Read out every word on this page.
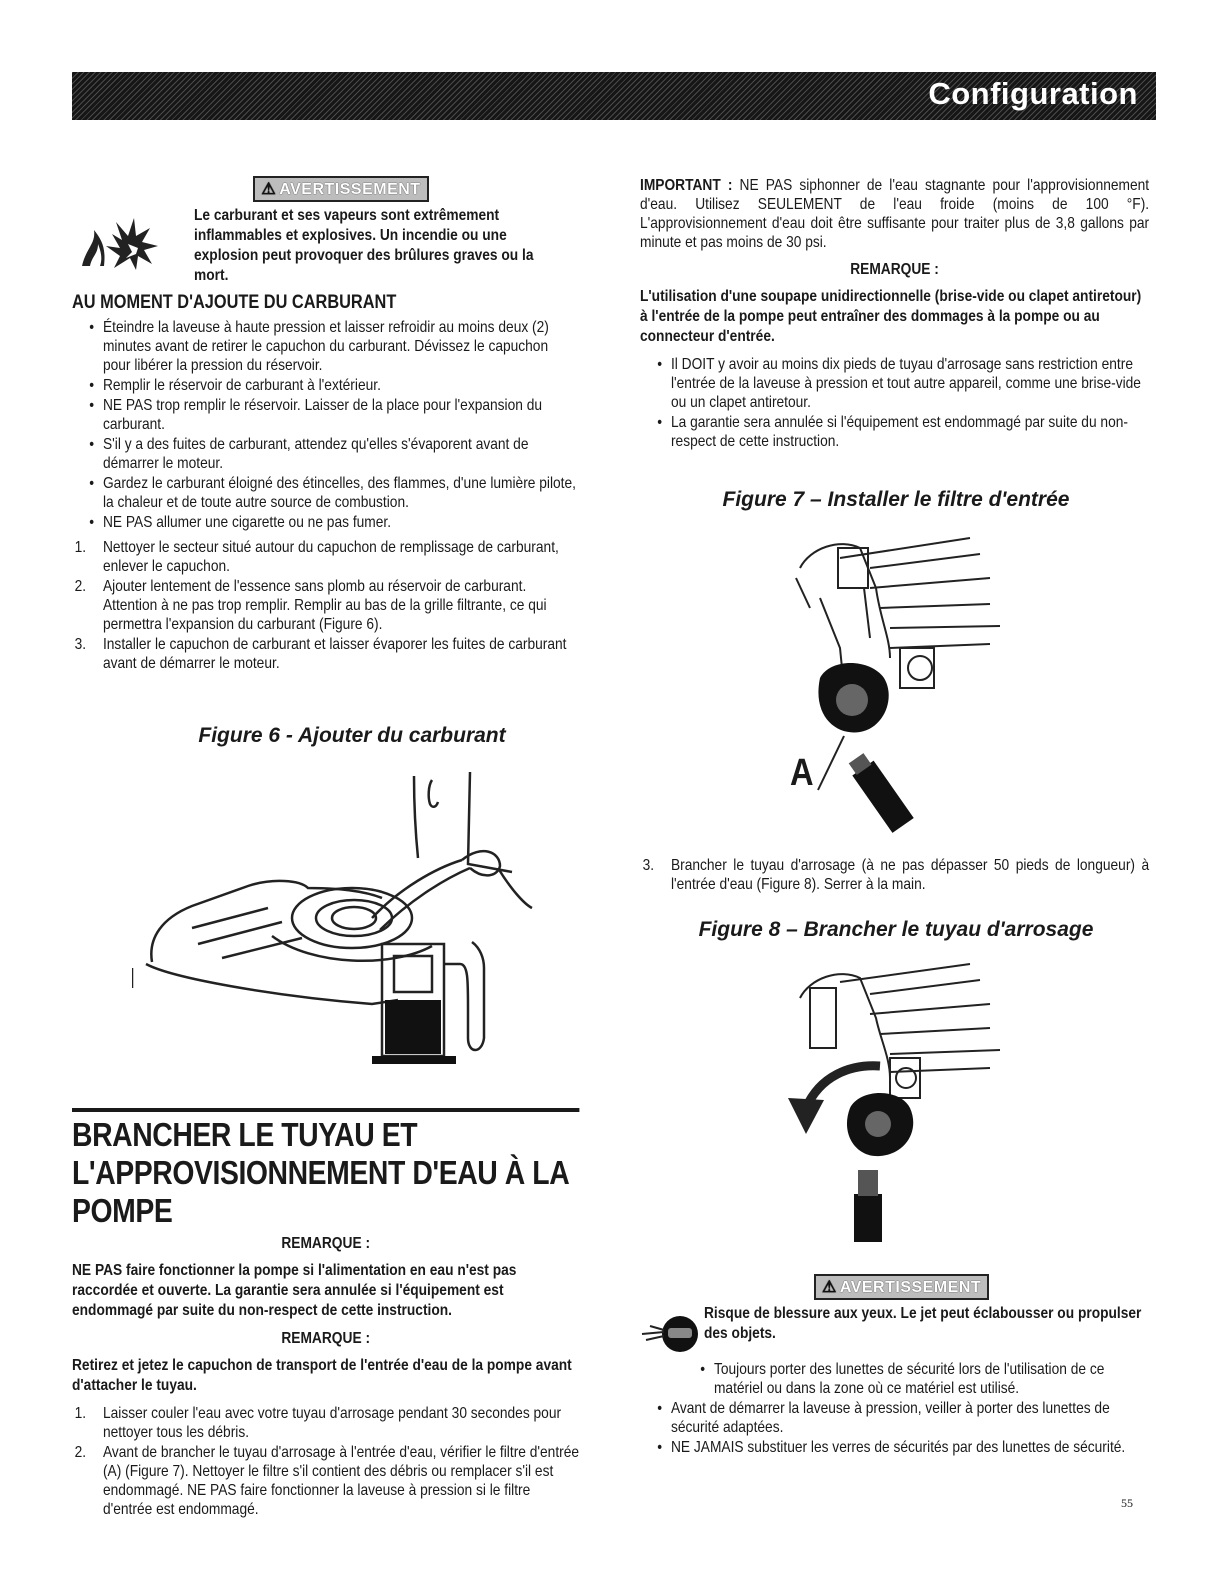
Configuration
⚠ AVERTISSEMENT
Le carburant et ses vapeurs sont extrêmement inflammables et explosives. Un incendie ou une explosion peut provoquer des brûlures graves ou la mort.
AU MOMENT D'AJOUTE DU CARBURANT
• Éteindre la laveuse à haute pression et laisser refroidir au moins deux (2) minutes avant de retirer le capuchon du carburant. Dévissez le capuchon pour libérer la pression du réservoir.
• Remplir le réservoir de carburant à l'extérieur.
• NE PAS trop remplir le réservoir. Laisser de la place pour l'expansion du carburant.
• S'il y a des fuites de carburant, attendez qu'elles s'évaporent avant de démarrer le moteur.
• Gardez le carburant éloigné des étincelles, des flammes, d'une lumière pilote, la chaleur et de toute autre source de combustion.
• NE PAS allumer une cigarette ou ne pas fumer.
1. Nettoyer le secteur situé autour du capuchon de remplissage de carburant, enlever le capuchon.
2. Ajouter lentement de l'essence sans plomb au réservoir de carburant. Attention à ne pas trop remplir. Remplir au bas de la grille filtrante, ce qui permettra l'expansion du carburant (Figure 6).
3. Installer le capuchon de carburant et laisser évaporer les fuites de carburant avant de démarrer le moteur.
Figure 6 - Ajouter du carburant
BRANCHER LE TUYAU ET L'APPROVISIONNEMENT D'EAU À LA POMPE
REMARQUE :
NE PAS faire fonctionner la pompe si l'alimentation en eau n'est pas raccordée et ouverte. La garantie sera annulée si l'équipement est endommagé par suite du non-respect de cette instruction.
REMARQUE :
Retirez et jetez le capuchon de transport de l'entrée d'eau de la pompe avant d'attacher le tuyau.
1. Laisser couler l'eau avec votre tuyau d'arrosage pendant 30 secondes pour nettoyer tous les débris.
2. Avant de brancher le tuyau d'arrosage à l'entrée d'eau, vérifier le filtre d'entrée (A) (Figure 7). Nettoyer le filtre s'il contient des débris ou remplacer s'il est endommagé. NE PAS faire fonctionner la laveuse à pression si le filtre d'entrée est endommagé.
IMPORTANT : NE PAS siphonner de l'eau stagnante pour l'approvisionnement d'eau. Utilisez SEULEMENT de l'eau froide (moins de 100 °F). L'approvisionnement d'eau doit être suffisante pour traiter plus de 3,8 gallons par minute et pas moins de 30 psi.
REMARQUE :
L'utilisation d'une soupape unidirectionnelle (brise-vide ou clapet antiretour) à l'entrée de la pompe peut entraîner des dommages à la pompe ou au connecteur d'entrée.
• Il DOIT y avoir au moins dix pieds de tuyau d'arrosage sans restriction entre l'entrée de la laveuse à pression et tout autre appareil, comme une brise-vide ou un clapet antiretour.
• La garantie sera annulée si l'équipement est endommagé par suite du non-respect de cette instruction.
Figure 7 – Installer le filtre d'entrée
A
3. Brancher le tuyau d'arrosage (à ne pas dépasser 50 pieds de longueur) à l'entrée d'eau (Figure 8). Serrer à la main.
Figure 8 – Brancher le tuyau d'arrosage
⚠ AVERTISSEMENT
Risque de blessure aux yeux. Le jet peut éclabousser ou propulser des objets.
• Toujours porter des lunettes de sécurité lors de l'utilisation de ce matériel ou dans la zone où ce matériel est utilisé.
• Avant de démarrer la laveuse à pression, veiller à porter des lunettes de sécurité adaptées.
• NE JAMAIS substituer les verres de sécurités par des lunettes de sécurité.
55
